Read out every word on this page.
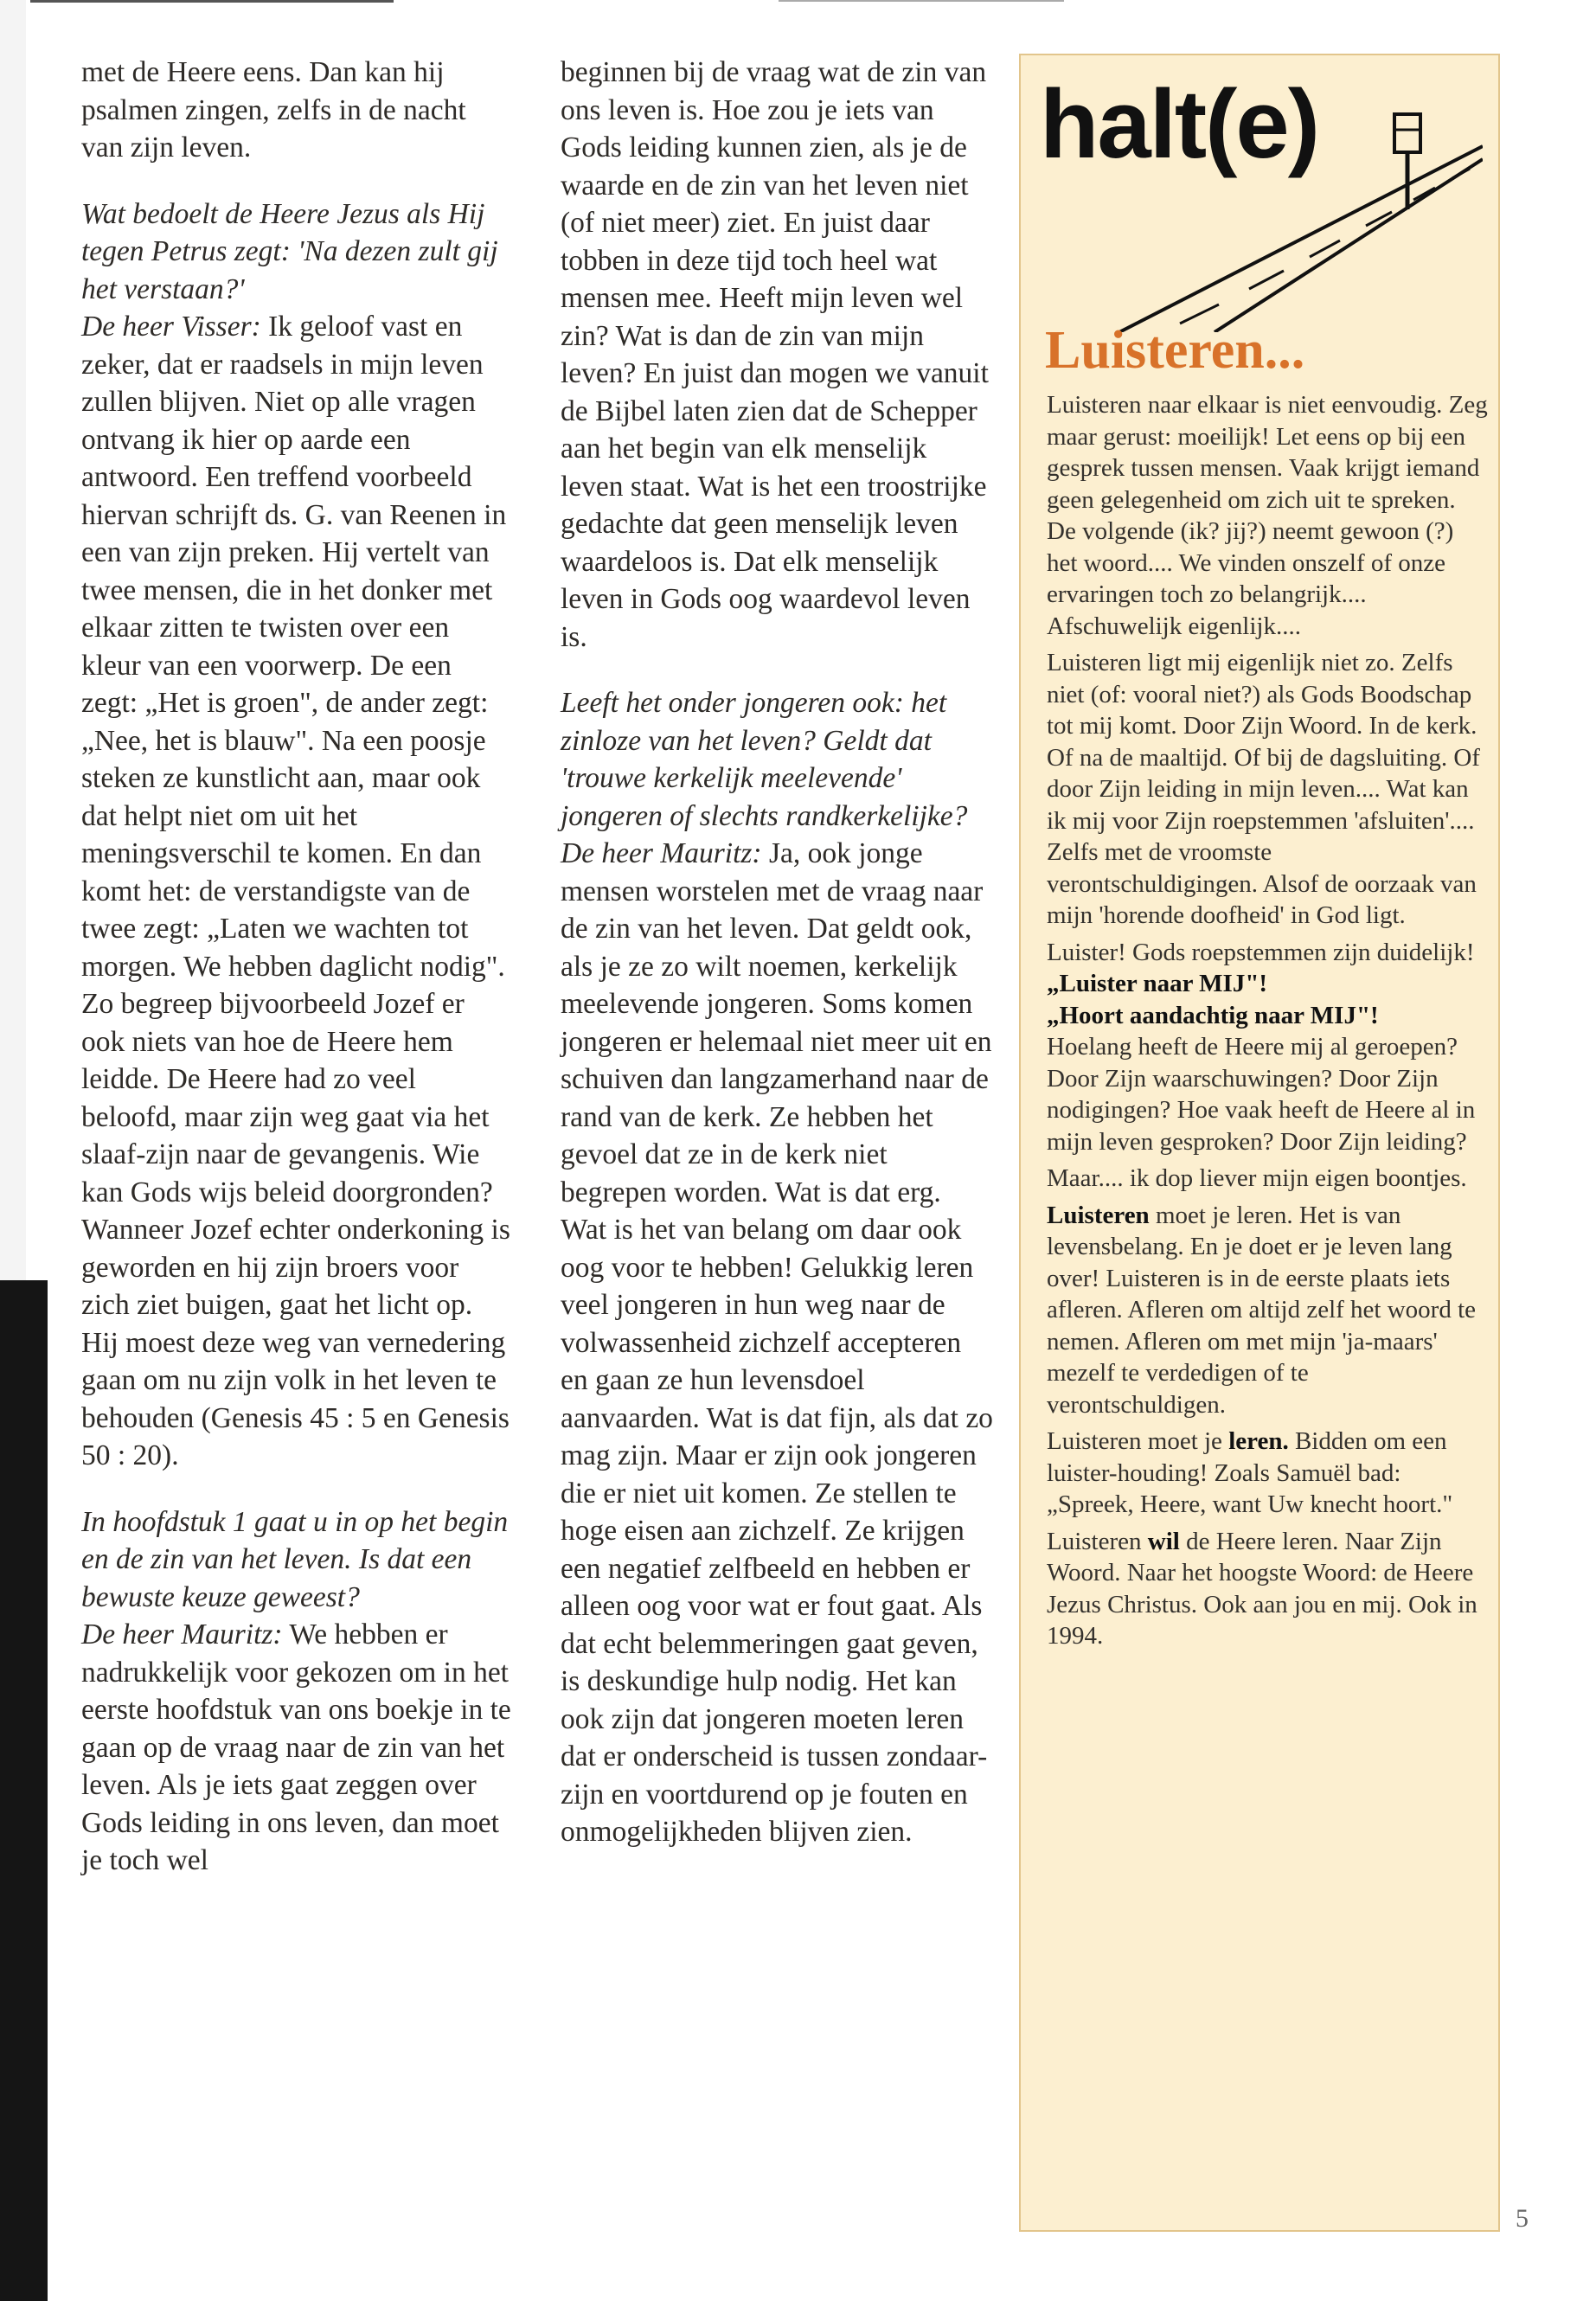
met de Heere eens. Dan kan hij psalmen zingen, zelfs in de nacht van zijn leven.

Wat bedoelt de Heere Jezus als Hij tegen Petrus zegt: 'Na dezen zult gij het verstaan?'

De heer Visser: Ik geloof vast en zeker, dat er raadsels in mijn leven zullen blijven. Niet op alle vragen ontvang ik hier op aarde een antwoord. Een treffend voorbeeld hiervan schrijft ds. G. van Reenen in een van zijn preken. Hij vertelt van twee mensen, die in het donker met elkaar zitten te twisten over een kleur van een voorwerp. De een zegt: „Het is groen", de ander zegt: „Nee, het is blauw". Na een poosje steken ze kunstlicht aan, maar ook dat helpt niet om uit het meningsverschil te komen. En dan komt het: de verstandigste van de twee zegt: „Laten we wachten tot morgen. We hebben daglicht nodig". Zo begreep bijvoorbeeld Jozef er ook niets van hoe de Heere hem leidde. De Heere had zo veel beloofd, maar zijn weg gaat via het slaaf-zijn naar de gevangenis. Wie kan Gods wijs beleid doorgronden? Wanneer Jozef echter onderkoning is geworden en hij zijn broers voor zich ziet buigen, gaat het licht op. Hij moest deze weg van vernedering gaan om nu zijn volk in het leven te behouden (Genesis 45 : 5 en Genesis 50 : 20).

In hoofdstuk 1 gaat u in op het begin en de zin van het leven. Is dat een bewuste keuze geweest?

De heer Mauritz: We hebben er nadrukkelijk voor gekozen om in het eerste hoofdstuk van ons boekje in te gaan op de vraag naar de zin van het leven. Als je iets gaat zeggen over Gods leiding in ons leven, dan moet je toch wel

beginnen bij de vraag wat de zin van ons leven is. Hoe zou je iets van Gods leiding kunnen zien, als je de waarde en de zin van het leven niet (of niet meer) ziet. En juist daar tobben in deze tijd toch heel wat mensen mee. Heeft mijn leven wel zin? Wat is dan de zin van mijn leven? En juist dan mogen we vanuit de Bijbel laten zien dat de Schepper aan het begin van elk menselijk leven staat. Wat is het een troostrijke gedachte dat geen menselijk leven waardeloos is. Dat elk menselijk leven in Gods oog waardevol leven is.

Leeft het onder jongeren ook: het zinloze van het leven? Geldt dat 'trouwe kerkelijk meelevende' jongeren of slechts randkerkelijke?

De heer Mauritz: Ja, ook jonge mensen worstelen met de vraag naar de zin van het leven. Dat geldt ook, als je ze zo wilt noemen, kerkelijk meelevende jongeren. Soms komen jongeren er helemaal niet meer uit en schuiven dan langzamerhand naar de rand van de kerk. Ze hebben het gevoel dat ze in de kerk niet begrepen worden. Wat is dat erg. Wat is het van belang om daar ook oog voor te hebben! Gelukkig leren veel jongeren in hun weg naar de volwassenheid zichzelf accepteren en gaan ze hun levensdoel aanvaarden. Wat is dat fijn, als dat zo mag zijn. Maar er zijn ook jongeren die er niet uit komen. Ze stellen te hoge eisen aan zichzelf. Ze krijgen een negatief zelfbeeld en hebben er alleen oog voor wat er fout gaat. Als dat echt belemmeringen gaat geven, is deskundige hulp nodig. Het kan ook zijn dat jongeren moeten leren dat er onderscheid is tussen zondaar-zijn en voortdurend op je fouten en onmogelijkheden blijven zien.

halt(e)
Luisteren...

Luisteren naar elkaar is niet eenvoudig. Zeg maar gerust: moeilijk! Let eens op bij een gesprek tussen mensen. Vaak krijgt iemand geen gelegenheid om zich uit te spreken. De volgende (ik? jij?) neemt gewoon (?) het woord.... We vinden onszelf of onze ervaringen toch zo belangrijk.... Afschuwelijk eigenlijk....

Luisteren ligt mij eigenlijk niet zo. Zelfs niet (of: vooral niet?) als Gods Boodschap tot mij komt. Door Zijn Woord. In de kerk. Of na de maaltijd. Of bij de dagsluiting. Of door Zijn leiding in mijn leven.... Wat kan ik mij voor Zijn roepstemmen 'afsluiten'.... Zelfs met de vroomste verontschuldigingen. Alsof de oorzaak van mijn 'horende doofheid' in God ligt.

Luister! Gods roepstemmen zijn duidelijk! „Luister naar MIJ"!
„Hoort aandachtig naar MIJ"!
Hoelang heeft de Heere mij al geroepen? Door Zijn waarschuwingen? Door Zijn nodigingen? Hoe vaak heeft de Heere al in mijn leven gesproken? Door Zijn leiding?

Maar.... ik dop liever mijn eigen boontjes.

Luisteren moet je leren. Het is van levensbelang. En je doet er je leven lang over! Luisteren is in de eerste plaats iets afleren. Afleren om altijd zelf het woord te nemen. Afleren om met mijn 'ja-maars' mezelf te verdedigen of te verontschuldigen.

Luisteren moet je leren. Bidden om een luister-houding! Zoals Samuël bad: „Spreek, Heere, want Uw knecht hoort."

Luisteren wil de Heere leren. Naar Zijn Woord. Naar het hoogste Woord: de Heere Jezus Christus. Ook aan jou en mij. Ook in 1994.

5
